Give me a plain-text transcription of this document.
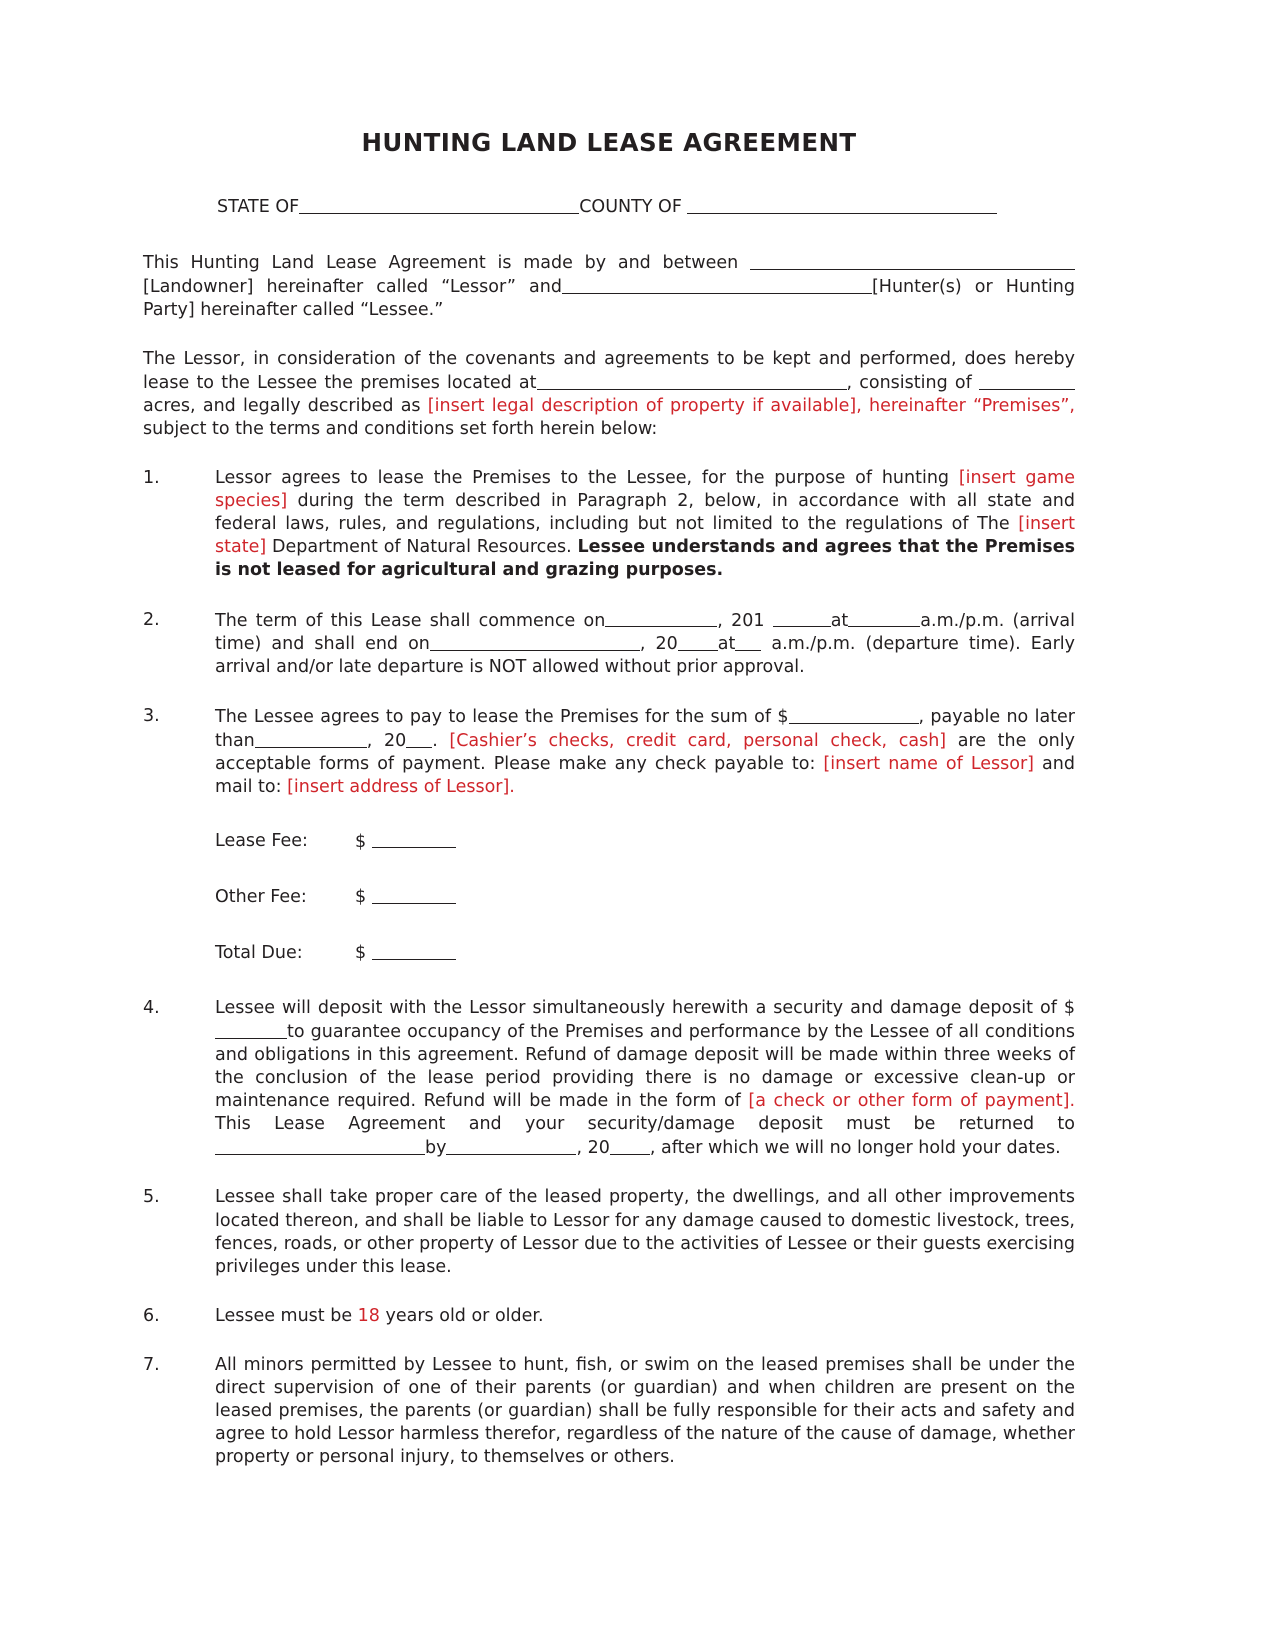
HUNTING LAND LEASE AGREEMENT
STATE OF	COUNTY OF

This Hunting Land Lease Agreement is made by and between  [Landowner] hereinafter called “Lessor” and	[Hunter(s) or Hunting Party] hereinafter called “Lessee.”

The Lessor, in consideration of the covenants and agreements to be kept and performed, does hereby lease to the Lessee the premises located at	, consisting of  acres, and legally described as [insert legal description of property if available], hereinafter “Premises”, subject to the terms and conditions set forth herein below:

1.	Lessor agrees to lease the Premises to the Lessee, for the purpose of hunting [insert game species] during the term described in Paragraph 2, below, in accordance with all state and federal laws, rules, and regulations, including but not limited to the regulations of The [insert state] Department of Natural Resources. Lessee understands and agrees that the Premises is not leased for agricultural and grazing purposes.
2.	The term of this Lease shall commence on	, 201	at	a.m./p.m. (arrival time) and shall end on	, 20 at a.m./p.m. (departure time). Early arrival and/or late departure is NOT allowed without prior approval.
3.	The Lessee agrees to pay to lease the Premises for the sum of $	, payable no later than	, 20 . [Cashier’s checks, credit card, personal check, cash] are the only acceptable forms of payment. Please make any check payable to: [insert name of Lessor] and mail to: [insert address of Lessor].
Lease Fee:	$
Other Fee:	$
Total Due:	$
4.	Lessee will deposit with the Lessor simultaneously herewith a security and damage deposit of $to guarantee occupancy of the Premises and performance by the Lessee of all conditions and obligations in this agreement. Refund of damage deposit will be made within three weeks of the conclusion of the lease period providing there is no damage or excessive clean-up or maintenance required. Refund will be made in the form of [a check or other form of payment]. This Lease Agreement and your security/damage deposit must be returned to by	, 20 , after which we will no longer hold your dates.
5.	Lessee shall take proper care of the leased property, the dwellings, and all other improvements located thereon, and shall be liable to Lessor for any damage caused to domestic livestock, trees, fences, roads, or other property of Lessor due to the activities of Lessee or their guests exercising privileges under this lease.
6.	Lessee must be 18 years old or older.
7.	All minors permitted by Lessee to hunt, fish, or swim on the leased premises shall be under the direct supervision of one of their parents (or guardian) and when children are present on the leased premises, the parents (or guardian) shall be fully responsible for their acts and safety and agree to hold Lessor harmless therefor, regardless of the nature of the cause of damage, whether property or personal injury, to themselves or others.
